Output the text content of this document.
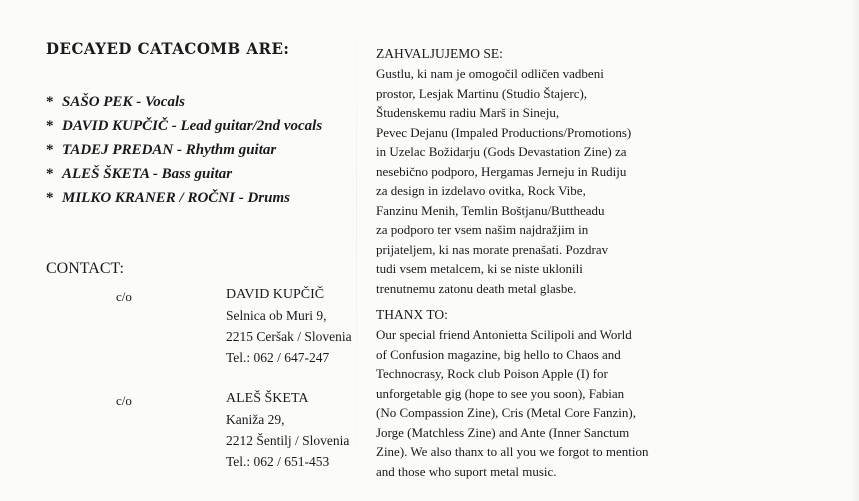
DECAYED CATACOMB ARE:
* SAŠO PEK - Vocals
* DAVID KUPČIČ - Lead guitar/2nd vocals
* TADEJ PREDAN - Rhythm guitar
* ALEŠ ŠKETA - Bass guitar
* MILKO KRANER / ROČNI - Drums
CONTACT:
c/o	DAVID KUPČIČ
Selnica ob Muri 9,
2215 Ceršak / Slovenia
Tel.: 062 / 647-247
c/o	ALEŠ ŠKETA
Kaniža 29,
2212 Šentilj / Slovenia
Tel.: 062 / 651-453
ZAHVALJUJEMO SE:
Gustlu, ki nam je omogočil odličen vadbeni
prostor, Lesjak Martinu (Studio Štajerc),
Študenskemu radiu Marš in Sineju,
Pevec Dejanu (Impaled Productions/Promotions)
in Uzelac Božidarju (Gods Devastation Zine) za
nesebično podporo, Hergamas Jerneju in Rudiju
za design in izdelavo ovitka, Rock Vibe,
Fanzinu Menih, Temlin Boštjanu/Buttheadu
za podporo ter vsem našim najdražjim in
prijateljem, ki nas morate prenašati. Pozdrav
tudi vsem metalcem, ki se niste uklonili
trenutnemu zatonu death metal glasbe.
THANX TO:
Our special friend Antonietta Scilipoli and World
of Confusion magazine, big hello to Chaos and
Technocrasy, Rock club Poison Apple (I) for
unforgetable gig (hope to see you soon), Fabian
(No Compassion Zine), Cris (Metal Core Fanzin),
Jorge (Matchless Zine) and Ante (Inner Sanctum
Zine). We also thanx to all you we forgot to mention
and those who suport metal music.
